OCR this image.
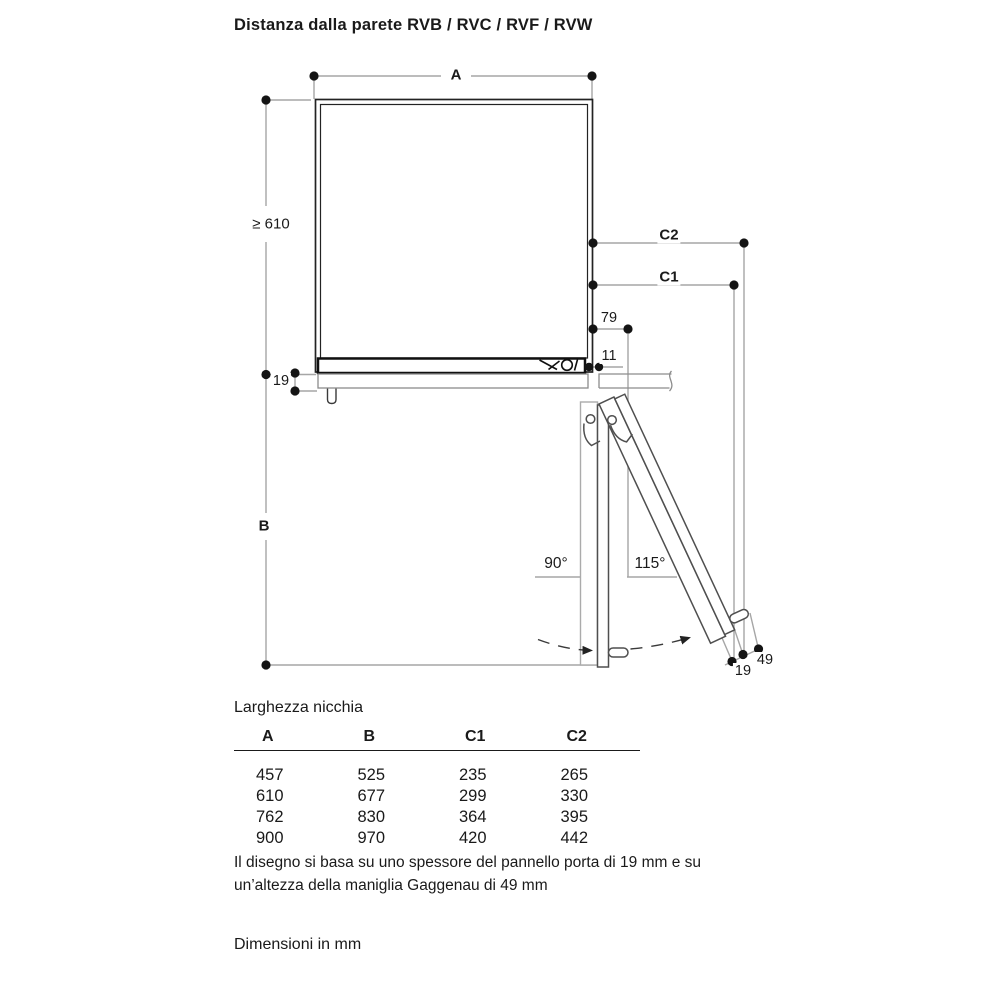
Distanza dalla parete RVB / RVC / RVF / RVW
A
≥ 610
C2
C1
79
11
19
B
90°	115°
19
49
Larghezza nicchia
A	B	C1	C2
457	525	235	265
610	677	299	330
762	830	364	395
900	970	420	442
Il disegno si basa su uno spessore del pannello porta di 19 mm e su un’altezza della maniglia Gaggenau di 49 mm
Dimensioni in mm
